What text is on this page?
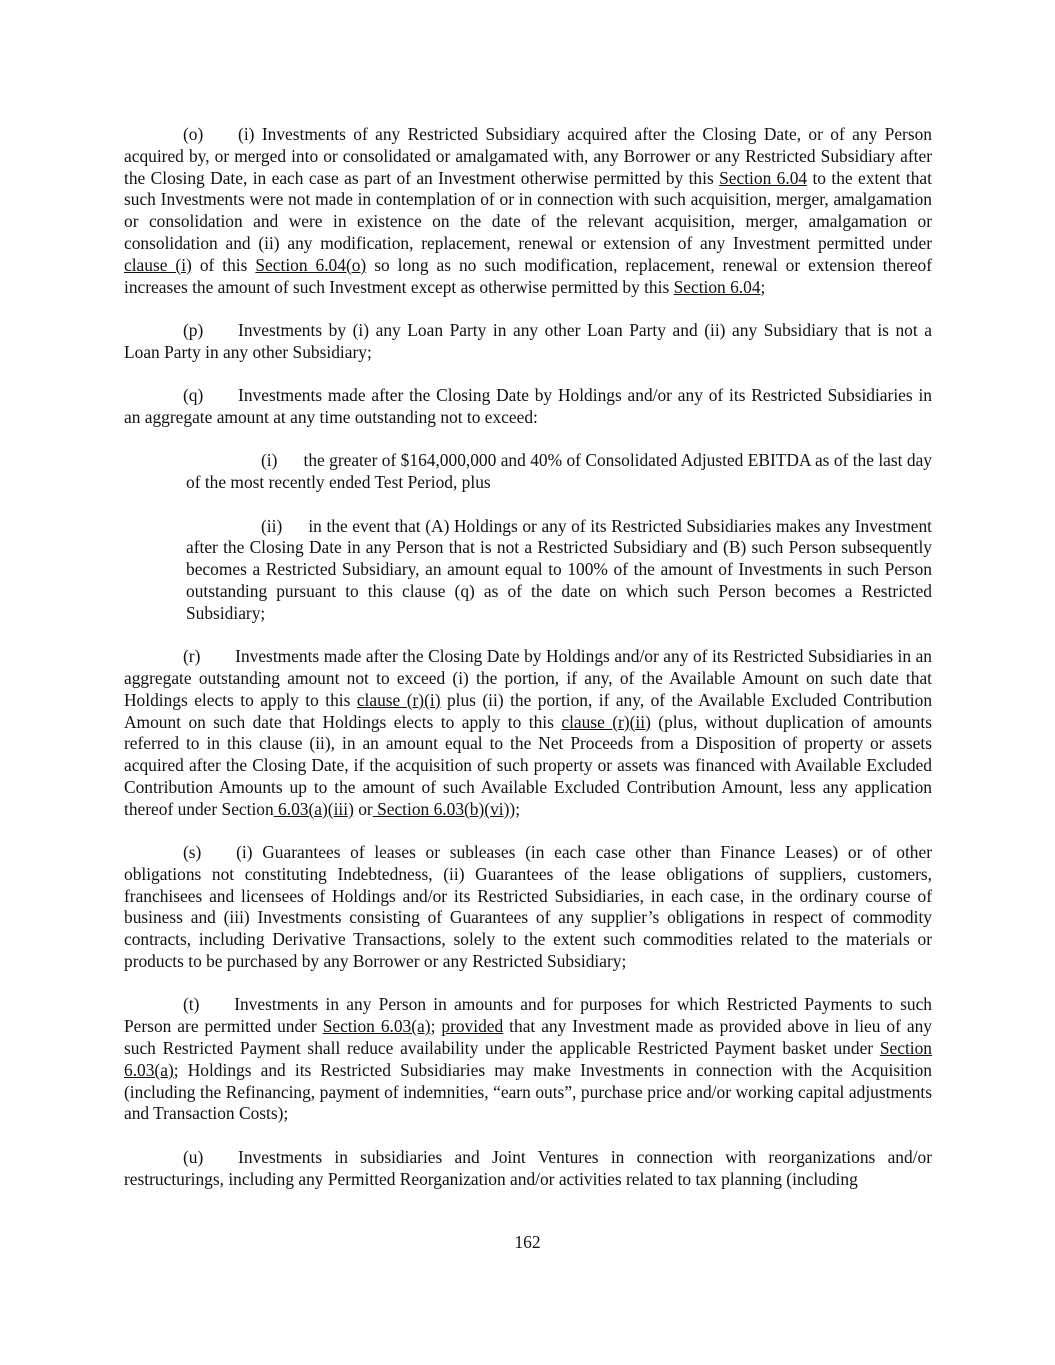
(o)  (i) Investments of any Restricted Subsidiary acquired after the Closing Date, or of any Person acquired by, or merged into or consolidated or amalgamated with, any Borrower or any Restricted Subsidiary after the Closing Date, in each case as part of an Investment otherwise permitted by this Section 6.04 to the extent that such Investments were not made in contemplation of or in connection with such acquisition, merger, amalgamation or consolidation and were in existence on the date of the relevant acquisition, merger, amalgamation or consolidation and (ii) any modification, replacement, renewal or extension of any Investment permitted under clause (i) of this Section 6.04(o) so long as no such modification, replacement, renewal or extension thereof increases the amount of such Investment except as otherwise permitted by this Section 6.04;

(p)  Investments by (i) any Loan Party in any other Loan Party and (ii) any Subsidiary that is not a Loan Party in any other Subsidiary;

(q)  Investments made after the Closing Date by Holdings and/or any of its Restricted Subsidiaries in an aggregate amount at any time outstanding not to exceed:

(i)  the greater of $164,000,000 and 40% of Consolidated Adjusted EBITDA as of the last day of the most recently ended Test Period, plus

(ii)  in the event that (A) Holdings or any of its Restricted Subsidiaries makes any Investment after the Closing Date in any Person that is not a Restricted Subsidiary and (B) such Person subsequently becomes a Restricted Subsidiary, an amount equal to 100% of the amount of Investments in such Person outstanding pursuant to this clause (q) as of the date on which such Person becomes a Restricted Subsidiary;

(r)  Investments made after the Closing Date by Holdings and/or any of its Restricted Subsidiaries in an aggregate outstanding amount not to exceed (i) the portion, if any, of the Available Amount on such date that Holdings elects to apply to this clause (r)(i) plus (ii) the portion, if any, of the Available Excluded Contribution Amount on such date that Holdings elects to apply to this clause (r)(ii) (plus, without duplication of amounts referred to in this clause (ii), in an amount equal to the Net Proceeds from a Disposition of property or assets acquired after the Closing Date, if the acquisition of such property or assets was financed with Available Excluded Contribution Amounts up to the amount of such Available Excluded Contribution Amount, less any application thereof under Section 6.03(a)(iii) or Section 6.03(b)(vi));

(s)  (i) Guarantees of leases or subleases (in each case other than Finance Leases) or of other obligations not constituting Indebtedness, (ii) Guarantees of the lease obligations of suppliers, customers, franchisees and licensees of Holdings and/or its Restricted Subsidiaries, in each case, in the ordinary course of business and (iii) Investments consisting of Guarantees of any supplier’s obligations in respect of commodity contracts, including Derivative Transactions, solely to the extent such commodities related to the materials or products to be purchased by any Borrower or any Restricted Subsidiary;

(t)  Investments in any Person in amounts and for purposes for which Restricted Payments to such Person are permitted under Section 6.03(a); provided that any Investment made as provided above in lieu of any such Restricted Payment shall reduce availability under the applicable Restricted Payment basket under Section 6.03(a); Holdings and its Restricted Subsidiaries may make Investments in connection with the Acquisition (including the Refinancing, payment of indemnities, “earn outs”, purchase price and/or working capital adjustments and Transaction Costs);

(u)  Investments in subsidiaries and Joint Ventures in connection with reorganizations and/or restructurings, including any Permitted Reorganization and/or activities related to tax planning (including

162
